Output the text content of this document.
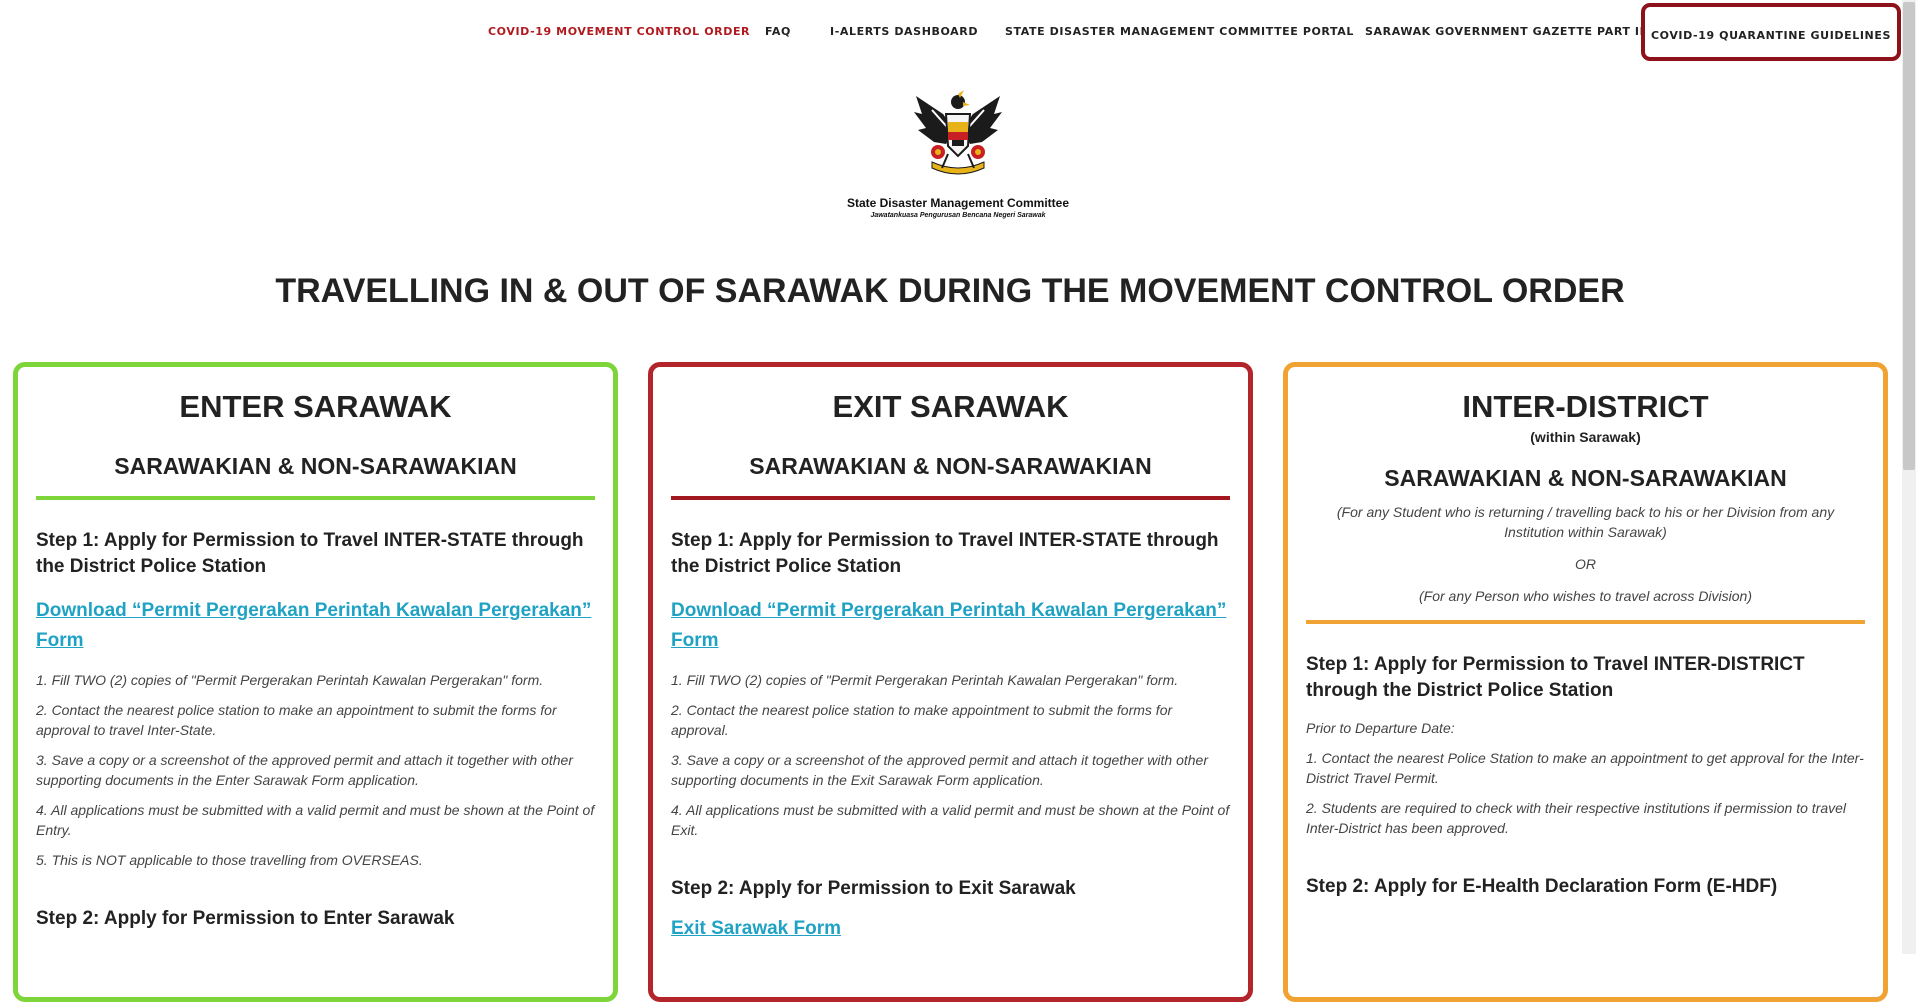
COVID-19 MOVEMENT CONTROL ORDER FAQ	I-ALERTS DASHBOARD STATE DISASTER MANAGEMENT COMMITTEE PORTAL SARAWAK GOVERNMENT GAZETTE PART II COVID-19 QUARANTINE GUIDELINES
State Disaster Management Committee
Jawatankuasa Pengurusan Bencana Negeri Sarawak
TRAVELLING IN & OUT OF SARAWAK DURING THE MOVEMENT CONTROL ORDER
ENTER SARAWAK
SARAWAKIAN & NON-SARAWAKIAN
Step 1: Apply for Permission to Travel INTER-STATE through the District Police Station
Download “Permit Pergerakan Perintah Kawalan Pergerakan” Form
1. Fill TWO (2) copies of "Permit Pergerakan Perintah Kawalan Pergerakan" form.
2. Contact the nearest police station to make an appointment to submit the forms for approval to travel Inter-State.
3. Save a copy or a screenshot of the approved permit and attach it together with other supporting documents in the Enter Sarawak Form application.
4. All applications must be submitted with a valid permit and must be shown at the Point of Entry.
5. This is NOT applicable to those travelling from OVERSEAS.
Step 2: Apply for Permission to Enter Sarawak
EXIT SARAWAK
SARAWAKIAN & NON-SARAWAKIAN
Step 1: Apply for Permission to Travel INTER-STATE through the District Police Station
Download “Permit Pergerakan Perintah Kawalan Pergerakan” Form
1. Fill TWO (2) copies of "Permit Pergerakan Perintah Kawalan Pergerakan" form.
2. Contact the nearest police station to make appointment to submit the forms for approval.
3. Save a copy or a screenshot of the approved permit and attach it together with other supporting documents in the Exit Sarawak Form application.
4. All applications must be submitted with a valid permit and must be shown at the Point of Exit.
Step 2: Apply for Permission to Exit Sarawak
Exit Sarawak Form
INTER-DISTRICT
(within Sarawak)
SARAWAKIAN & NON-SARAWAKIAN
(For any Student who is returning / travelling back to his or her Division from any Institution within Sarawak)
OR
(For any Person who wishes to travel across Division)
Step 1: Apply for Permission to Travel INTER-DISTRICT through the District Police Station
Prior to Departure Date:
1. Contact the nearest Police Station to make an appointment to get approval for the Inter-District Travel Permit.
2. Students are required to check with their respective institutions if permission to travel Inter-District has been approved.
Step 2: Apply for E-Health Declaration Form (E-HDF)
